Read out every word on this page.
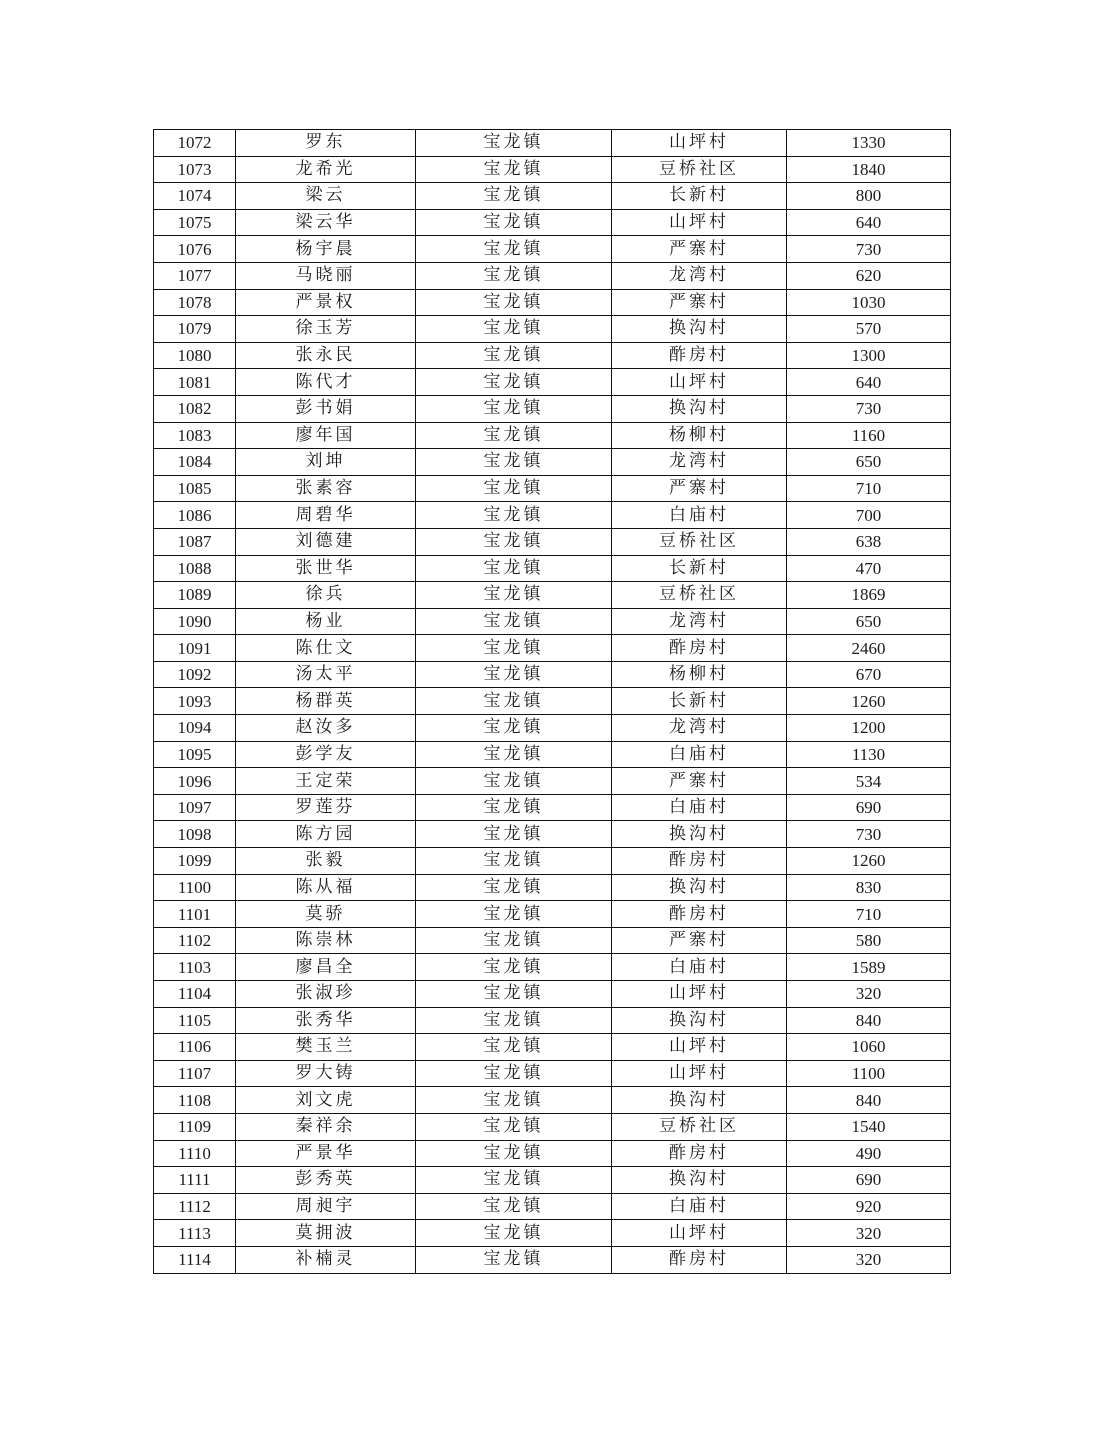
1072	罗东	宝龙镇	山坪村	1330
1073	龙希光	宝龙镇	豆桥社区	1840
1074	梁云	宝龙镇	长新村	800
1075	梁云华	宝龙镇	山坪村	640
1076	杨宇晨	宝龙镇	严寨村	730
1077	马晓丽	宝龙镇	龙湾村	620
1078	严景权	宝龙镇	严寨村	1030
1079	徐玉芳	宝龙镇	换沟村	570
1080	张永民	宝龙镇	酢房村	1300
1081	陈代才	宝龙镇	山坪村	640
1082	彭书娟	宝龙镇	换沟村	730
1083	廖年国	宝龙镇	杨柳村	1160
1084	刘坤	宝龙镇	龙湾村	650
1085	张素容	宝龙镇	严寨村	710
1086	周碧华	宝龙镇	白庙村	700
1087	刘德建	宝龙镇	豆桥社区	638
1088	张世华	宝龙镇	长新村	470
1089	徐兵	宝龙镇	豆桥社区	1869
1090	杨业	宝龙镇	龙湾村	650
1091	陈仕文	宝龙镇	酢房村	2460
1092	汤太平	宝龙镇	杨柳村	670
1093	杨群英	宝龙镇	长新村	1260
1094	赵汝多	宝龙镇	龙湾村	1200
1095	彭学友	宝龙镇	白庙村	1130
1096	王定荣	宝龙镇	严寨村	534
1097	罗莲芬	宝龙镇	白庙村	690
1098	陈方园	宝龙镇	换沟村	730
1099	张毅	宝龙镇	酢房村	1260
1100	陈从福	宝龙镇	换沟村	830
1101	莫骄	宝龙镇	酢房村	710
1102	陈崇林	宝龙镇	严寨村	580
1103	廖昌全	宝龙镇	白庙村	1589
1104	张淑珍	宝龙镇	山坪村	320
1105	张秀华	宝龙镇	换沟村	840
1106	樊玉兰	宝龙镇	山坪村	1060
1107	罗大铸	宝龙镇	山坪村	1100
1108	刘文虎	宝龙镇	换沟村	840
1109	秦祥余	宝龙镇	豆桥社区	1540
1110	严景华	宝龙镇	酢房村	490
1111	彭秀英	宝龙镇	换沟村	690
1112	周昶宇	宝龙镇	白庙村	920
1113	莫拥波	宝龙镇	山坪村	320
1114	补楠灵	宝龙镇	酢房村	320
